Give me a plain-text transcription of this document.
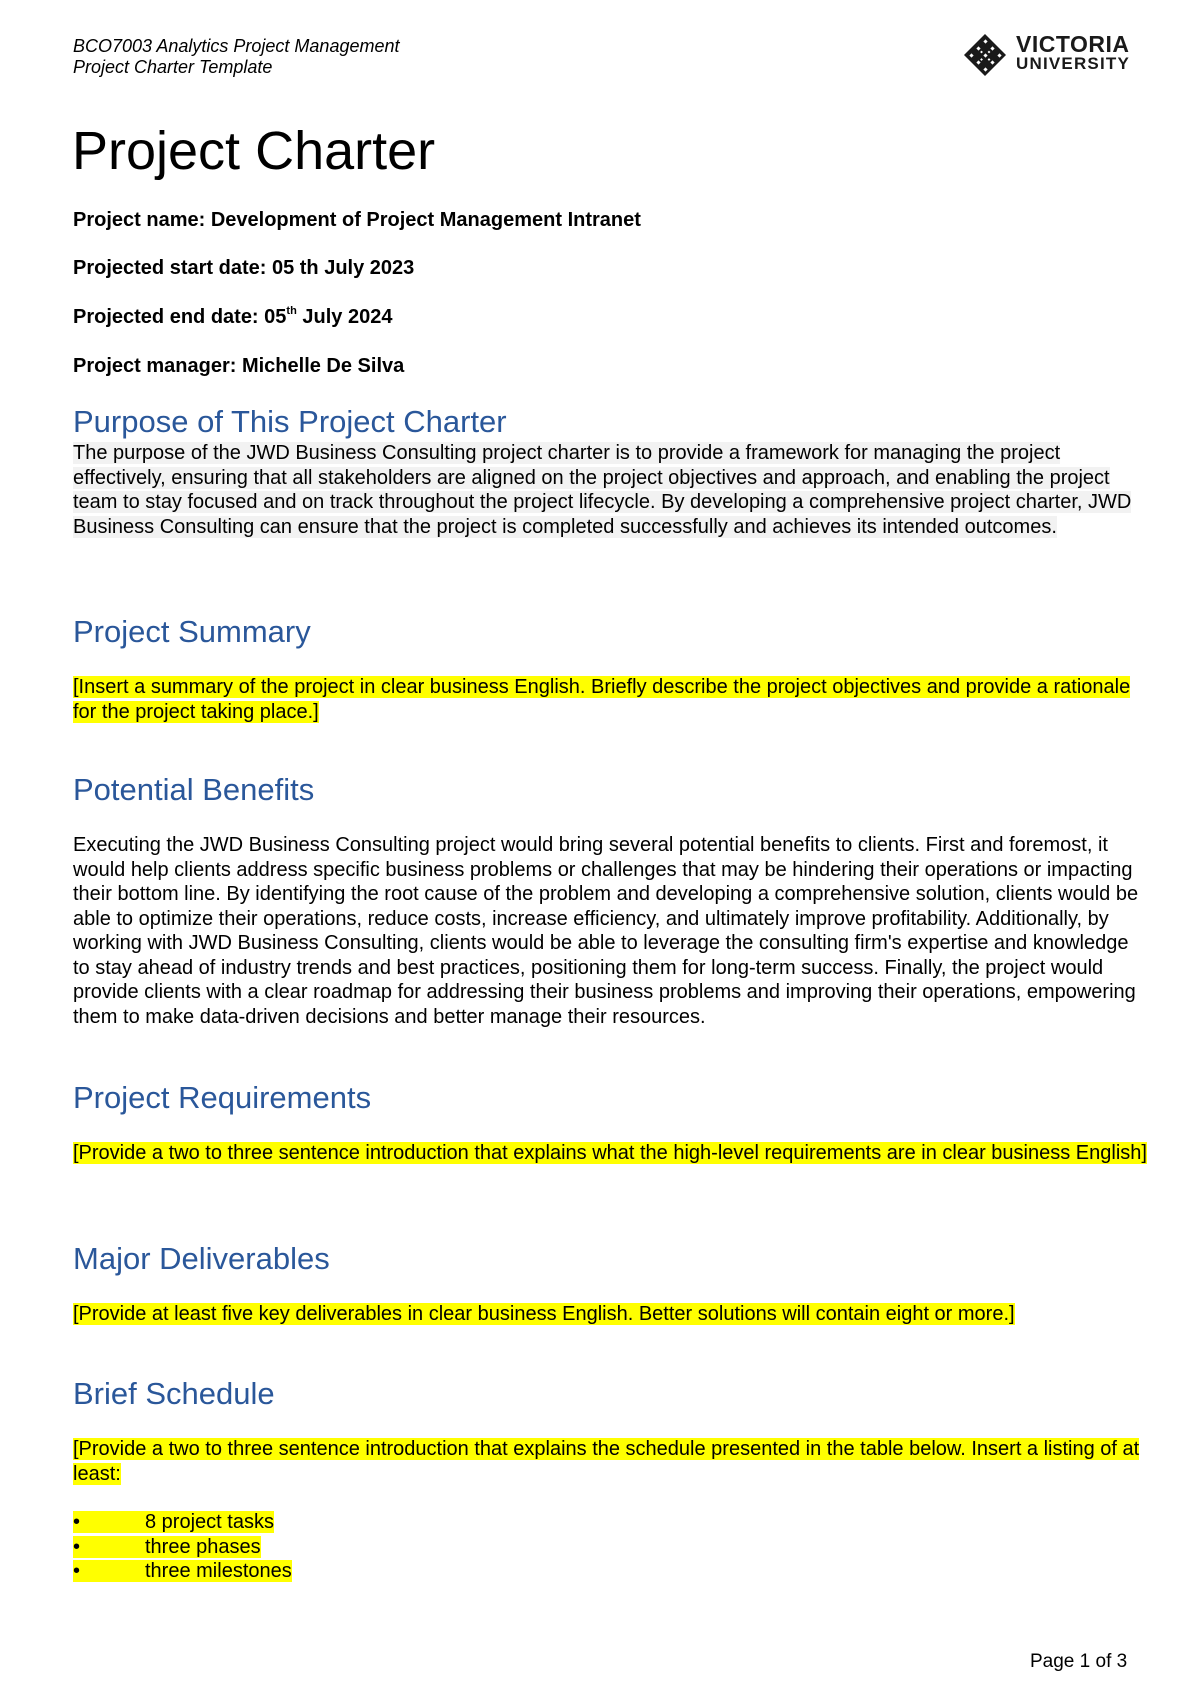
BCO7003 Analytics Project Management
Project Charter Template
VICTORIA
UNIVERSITY
Project Charter
Project name: Development of Project Management Intranet
Projected start date: 05 th July 2023
Projected end date: 05th July 2024
Project manager: Michelle De Silva
Purpose of This Project Charter

The purpose of the JWD Business Consulting project charter is to provide a framework for managing the project effectively, ensuring that all stakeholders are aligned on the project objectives and approach, and enabling the project team to stay focused and on track throughout the project lifecycle. By developing a comprehensive project charter, JWD Business Consulting can ensure that the project is completed successfully and achieves its intended outcomes.

Project Summary

[Insert a summary of the project in clear business English. Briefly describe the project objectives and provide a rationale for the project taking place.]

Potential Benefits

Executing the JWD Business Consulting project would bring several potential benefits to clients. First and foremost, it would help clients address specific business problems or challenges that may be hindering their operations or impacting their bottom line. By identifying the root cause of the problem and developing a comprehensive solution, clients would be able to optimize their operations, reduce costs, increase efficiency, and ultimately improve profitability. Additionally, by working with JWD Business Consulting, clients would be able to leverage the consulting firm's expertise and knowledge to stay ahead of industry trends and best practices, positioning them for long-term success. Finally, the project would provide clients with a clear roadmap for addressing their business problems and improving their operations, empowering them to make data-driven decisions and better manage their resources.

Project Requirements

[Provide a two to three sentence introduction that explains what the high-level requirements are in clear business English]

Major Deliverables

[Provide at least five key deliverables in clear business English. Better solutions will contain eight or more.]

Brief Schedule

[Provide a two to three sentence introduction that explains the schedule presented in the table below. Insert a listing of at least:

•	8 project tasks
•	three phases
•	three milestones
Page 1 of 3
